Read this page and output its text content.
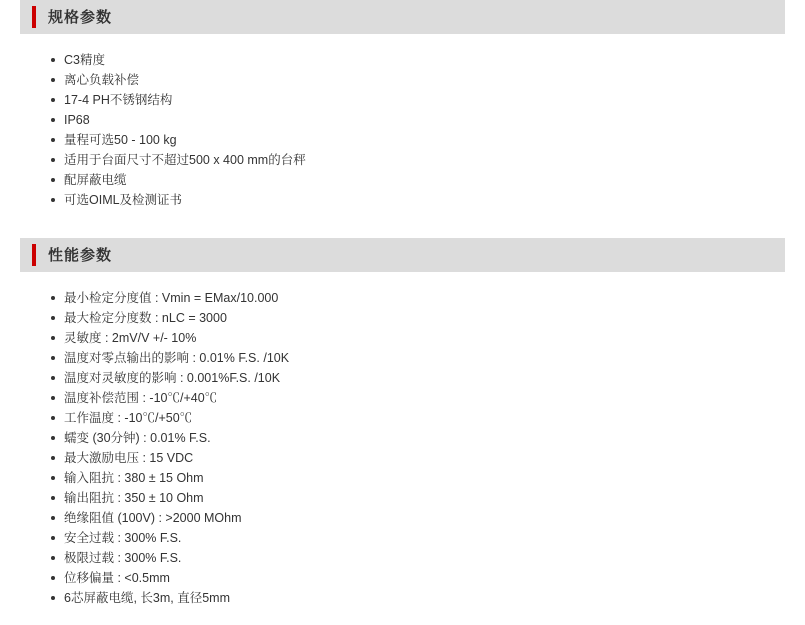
规格参数
C3精度
离心负载补偿
17-4 PH不锈钢结构
IP68
量程可选50 - 100 kg
适用于台面尺寸不超过500 x 400 mm的台秤
配屏蔽电缆
可选OIML及检测证书
性能参数
最小检定分度值 : Vmin = EMax/10.000
最大检定分度数 : nLC = 3000
灵敏度 : 2mV/V +/- 10%
温度对零点输出的影响 : 0.01% F.S. /10K
温度对灵敏度的影响 : 0.001%F.S. /10K
温度补偿范围 : -10℃/+40℃
工作温度 : -10℃/+50℃
蠕变 (30分钟) : 0.01% F.S.
最大激励电压 : 15 VDC
输入阻抗 : 380 ± 15 Ohm
输出阻抗 : 350 ± 10 Ohm
绝缘阻值 (100V) : >2000 MOhm
安全过载 : 300% F.S.
极限过载 : 300% F.S.
位移偏量 : <0.5mm
6芯屏蔽电缆, 长3m, 直径5mm
